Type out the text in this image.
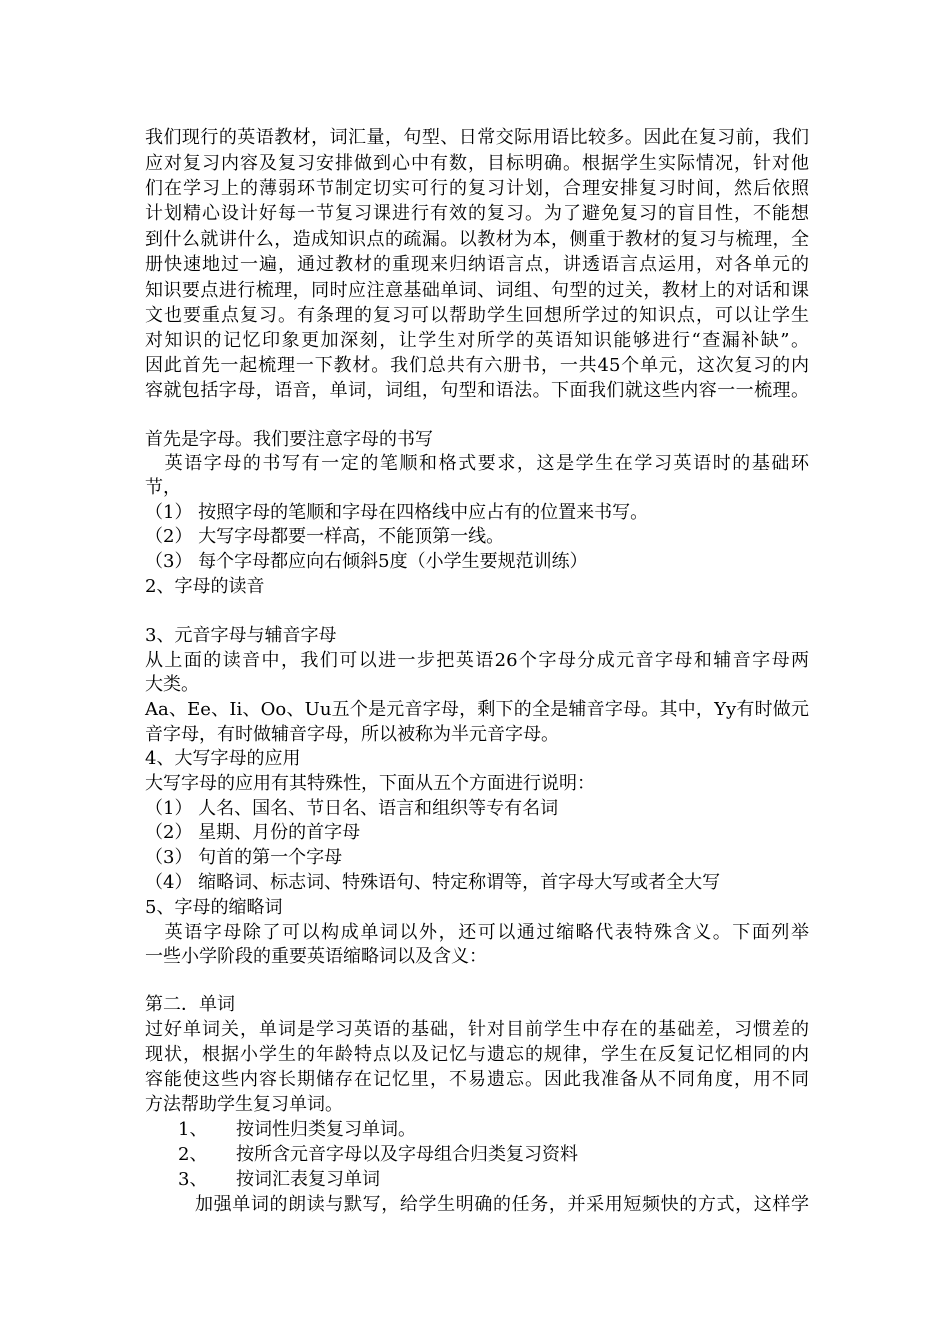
我们现行的英语教材，词汇量，句型、日常交际用语比较多。因此在复习前，我们
应对复习内容及复习安排做到心中有数，目标明确。根据学生实际情况，针对他
们在学习上的薄弱环节制定切实可行的复习计划，合理安排复习时间，然后依照
计划精心设计好每一节复习课进行有效的复习。为了避免复习的盲目性，不能想
到什么就讲什么，造成知识点的疏漏。以教材为本，侧重于教材的复习与梳理，全
册快速地过一遍，通过教材的重现来归纳语言点，讲透语言点运用，对各单元的
知识要点进行梳理，同时应注意基础单词、词组、句型的过关，教材上的对话和课
文也要重点复习。有条理的复习可以帮助学生回想所学过的知识点，可以让学生
对知识的记忆印象更加深刻，让学生对所学的英语知识能够进行“查漏补缺”。
因此首先一起梳理一下教材。我们总共有六册书，一共45个单元，这次复习的内
容就包括字母，语音，单词，词组，句型和语法。下面我们就这些内容一一梳理。
首先是字母。我们要注意字母的书写
　英语字母的书写有一定的笔顺和格式要求，这是学生在学习英语时的基础环
节，
（1） 按照字母的笔顺和字母在四格线中应占有的位置来书写。
（2） 大写字母都要一样高，不能顶第一线。
（3） 每个字母都应向右倾斜5度（小学生要规范训练）
2、字母的读音
3、元音字母与辅音字母
从上面的读音中，我们可以进一步把英语26个字母分成元音字母和辅音字母两
大类。
Aa、Ee、Ii、Oo、Uu五个是元音字母，剩下的全是辅音字母。其中，Yy有时做元
音字母，有时做辅音字母，所以被称为半元音字母。
4、大写字母的应用
大写字母的应用有其特殊性，下面从五个方面进行说明：
（1） 人名、国名、节日名、语言和组织等专有名词
（2） 星期、月份的首字母
（3） 句首的第一个字母
（4） 缩略词、标志词、特殊语句、特定称谓等，首字母大写或者全大写
5、字母的缩略词
　英语字母除了可以构成单词以外，还可以通过缩略代表特殊含义。下面列举
一些小学阶段的重要英语缩略词以及含义：
第二．单词
过好单词关，单词是学习英语的基础，针对目前学生中存在的基础差，习惯差的
现状，根据小学生的年龄特点以及记忆与遗忘的规律，学生在反复记忆相同的内
容能使这些内容长期储存在记忆里，不易遗忘。因此我准备从不同角度，用不同
方法帮助学生复习单词。
1、	按词性归类复习单词。
2、	按所含元音字母以及字母组合归类复习资料
3、	按词汇表复习单词
加强单词的朗读与默写，给学生明确的任务，并采用短频快的方式，这样学
